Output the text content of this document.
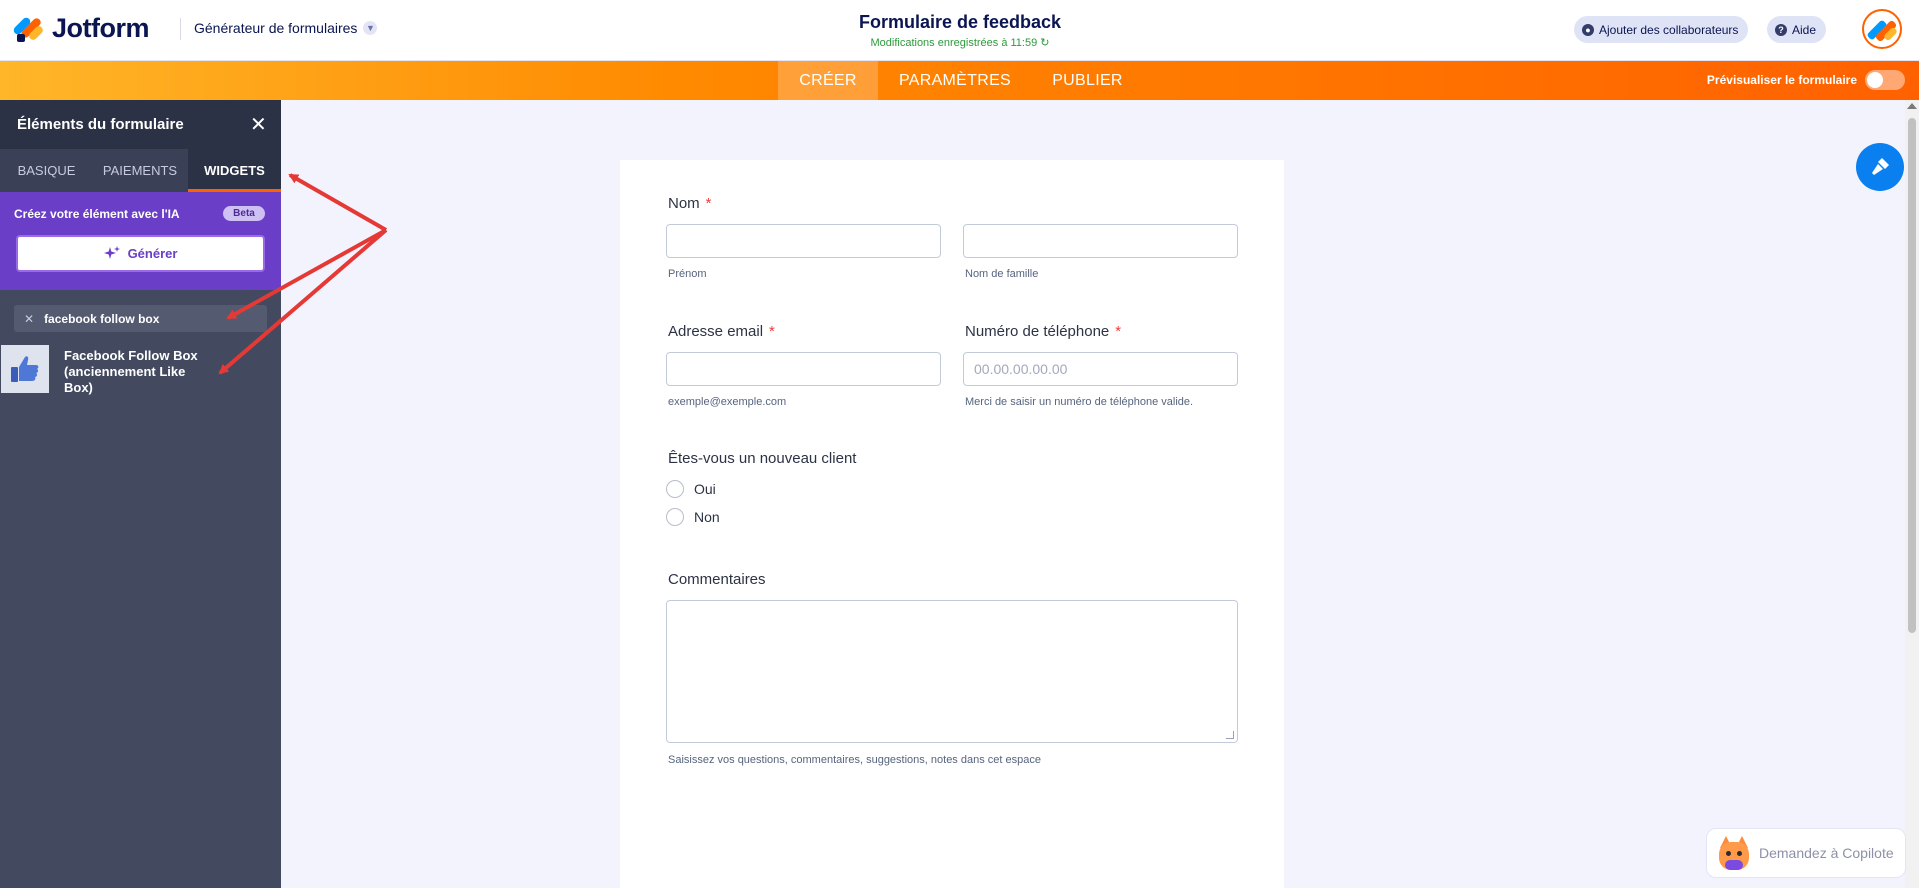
Jotform	Générateur de formulaires ▼	Formulaire de feedback
Modifications enregistrées à 11:59 ↻
● Ajouter des collaborateurs	? Aide
CRÉER	PARAMÈTRES	PUBLIER	Prévisualiser le formulaire
Éléments du formulaire	✕
BASIQUE	PAIEMENTS	WIDGETS
Créez votre élément avec l'IA	Beta
Générer
✕ facebook follow box
Facebook Follow Box (anciennement Like Box)
Nom *
Prénom	Nom de famille
Adresse email *
exemple@exemple.com
Numéro de téléphone *
00.00.00.00.00
Merci de saisir un numéro de téléphone valide.
Êtes-vous un nouveau client
Oui
Non
Commentaires
Saisissez vos questions, commentaires, suggestions, notes dans cet espace
Demandez à Copilote
